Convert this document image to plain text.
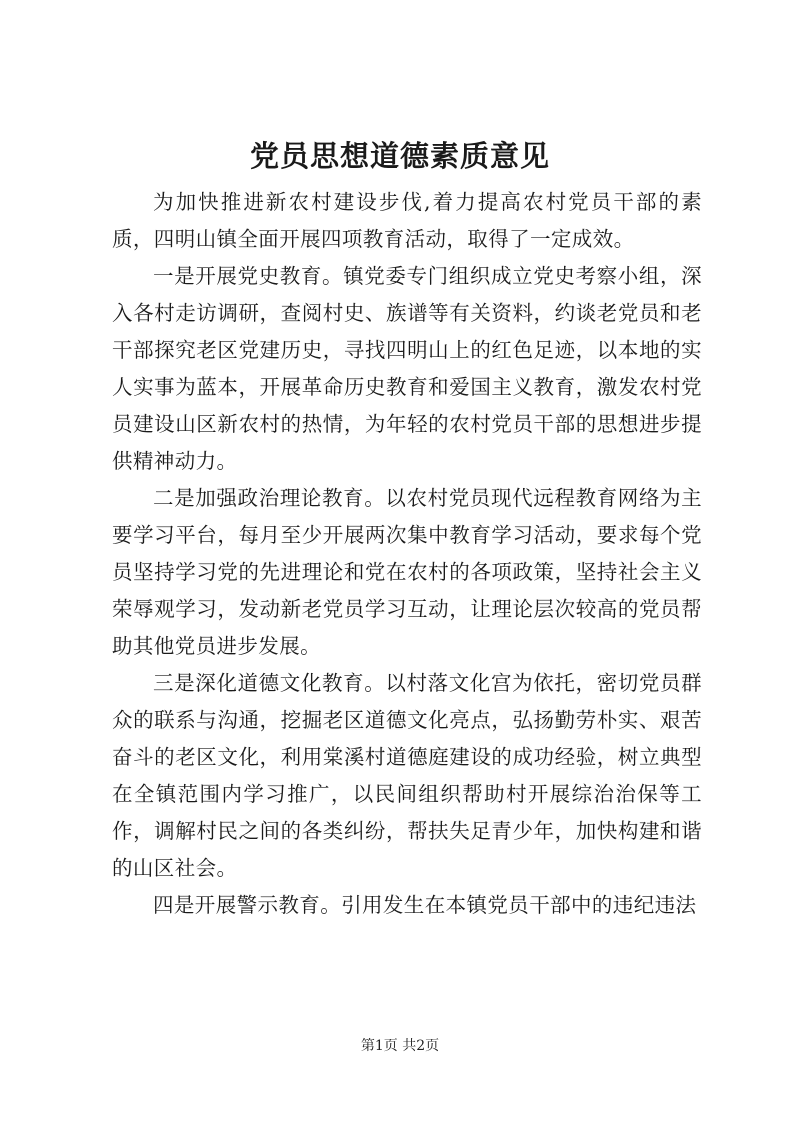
党员思想道德素质意见

为加快推进新农村建设步伐,着力提高农村党员干部的素质，四明山镇全面开展四项教育活动，取得了一定成效。

一是开展党史教育。镇党委专门组织成立党史考察小组，深入各村走访调研，查阅村史、族谱等有关资料，约谈老党员和老干部探究老区党建历史，寻找四明山上的红色足迹，以本地的实人实事为蓝本，开展革命历史教育和爱国主义教育，激发农村党员建设山区新农村的热情，为年轻的农村党员干部的思想进步提供精神动力。

二是加强政治理论教育。以农村党员现代远程教育网络为主要学习平台，每月至少开展两次集中教育学习活动，要求每个党员坚持学习党的先进理论和党在农村的各项政策，坚持社会主义荣辱观学习，发动新老党员学习互动，让理论层次较高的党员帮助其他党员进步发展。

三是深化道德文化教育。以村落文化宫为依托，密切党员群众的联系与沟通，挖掘老区道德文化亮点，弘扬勤劳朴实、艰苦奋斗的老区文化，利用棠溪村道德庭建设的成功经验，树立典型在全镇范围内学习推广，以民间组织帮助村开展综治治保等工作，调解村民之间的各类纠纷，帮扶失足青少年，加快构建和谐的山区社会。

四是开展警示教育。引用发生在本镇党员干部中的违纪违法

第1页 共2页
